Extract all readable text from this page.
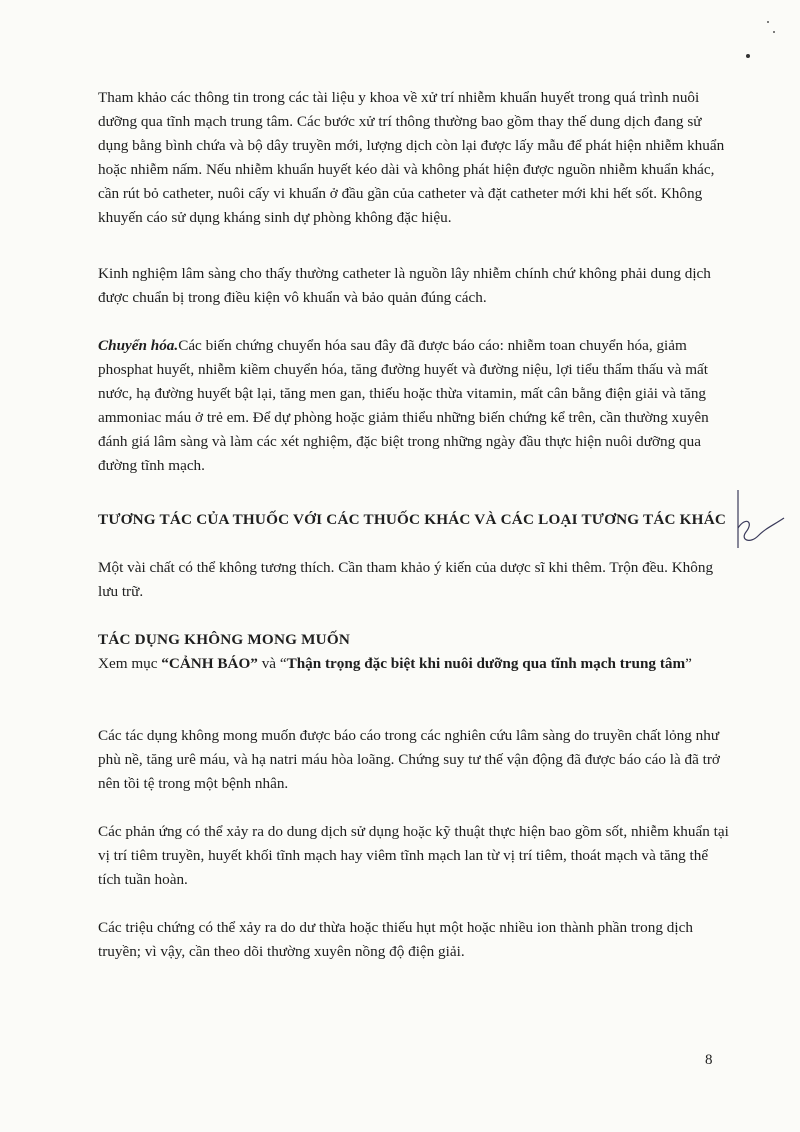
Tham khảo các thông tin trong các tài liệu y khoa về xử trí nhiễm khuẩn huyết trong quá trình nuôi dưỡng qua tĩnh mạch trung tâm. Các bước xử trí thông thường bao gồm thay thế dung dịch đang sử dụng bằng bình chứa và bộ dây truyền mới, lượng dịch còn lại được lấy mẫu để phát hiện nhiễm khuẩn hoặc nhiễm nấm. Nếu nhiễm khuẩn huyết kéo dài và không phát hiện được nguồn nhiễm khuẩn khác, cần rút bỏ catheter, nuôi cấy vi khuẩn ở đầu gần của catheter và đặt catheter mới khi hết sốt. Không khuyến cáo sử dụng kháng sinh dự phòng không đặc hiệu.

Kinh nghiệm lâm sàng cho thấy thường catheter là nguồn lây nhiễm chính chứ không phải dung dịch được chuẩn bị trong điều kiện vô khuẩn và bảo quản đúng cách.

Chuyển hóa.Các biến chứng chuyển hóa sau đây đã được báo cáo: nhiễm toan chuyển hóa, giảm phosphat huyết, nhiễm kiềm chuyển hóa, tăng đường huyết và đường niệu, lợi tiểu thẩm thấu và mất nước, hạ đường huyết bật lại, tăng men gan, thiếu hoặc thừa vitamin, mất cân bằng điện giải và tăng ammoniac máu ở trẻ em. Để dự phòng hoặc giảm thiểu những biến chứng kể trên, cần thường xuyên đánh giá lâm sàng và làm các xét nghiệm, đặc biệt trong những ngày đầu thực hiện nuôi dưỡng qua đường tĩnh mạch.

TƯƠNG TÁC CỦA THUỐC VỚI CÁC THUỐC KHÁC VÀ CÁC LOẠI TƯƠNG TÁC KHÁC

Một vài chất có thể không tương thích. Cần tham khảo ý kiến của dược sĩ khi thêm. Trộn đều. Không lưu trữ.

TÁC DỤNG KHÔNG MONG MUỐN

Xem mục “CẢNH BÁO” và “Thận trọng đặc biệt khi nuôi dưỡng qua tĩnh mạch trung tâm”

Các tác dụng không mong muốn được báo cáo trong các nghiên cứu lâm sàng do truyền chất lỏng như phù nề, tăng urê máu, và hạ natri máu hòa loãng. Chứng suy tư thế vận động đã được báo cáo là đã trở nên tồi tệ trong một bệnh nhân.

Các phản ứng có thể xảy ra do dung dịch sử dụng hoặc kỹ thuật thực hiện bao gồm sốt, nhiễm khuẩn tại vị trí tiêm truyền, huyết khối tĩnh mạch hay viêm tĩnh mạch lan từ vị trí tiêm, thoát mạch và tăng thể tích tuần hoàn.

Các triệu chứng có thể xảy ra do dư thừa hoặc thiếu hụt một hoặc nhiều ion thành phần trong dịch truyền; vì vậy, cần theo dõi thường xuyên nồng độ điện giải.

8
